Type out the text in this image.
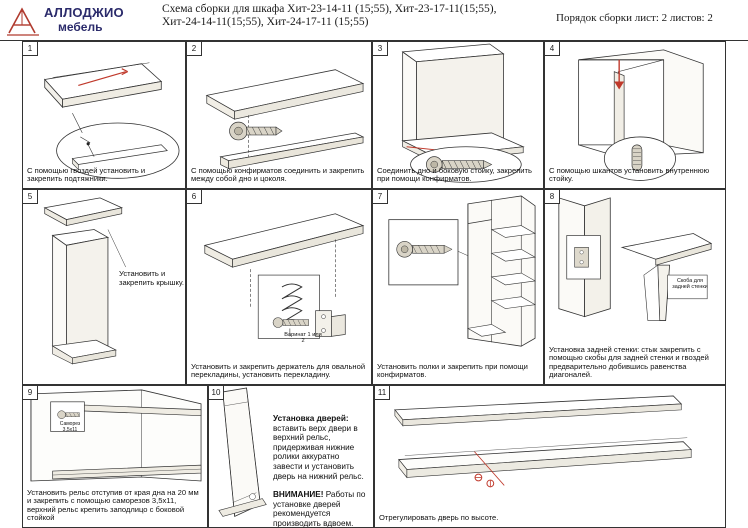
АЛЛОДЖИО
мебель
Схема сборки для шкафа Хит-23-14-11 (15;55), Хит-23-17-11(15;55),
Хит-24-14-11(15;55), Хит-24-17-11 (15;55)	Порядок сборки лист: 2 листов: 2
1
С помощью гвоздей установить и закрепить подтяжники.
2
С помощью конфирматов соединить и закрепить между собой дно и цоколя.
3
Соединить дно и боковую стойку, закрепить при помощи конфирматов.
4
С помощью шкантов установить внутреннюю стойку.
5
Установить и закрепить крышку.
6
Варинат 1 или 2
Установить и закрепить держатель для овальной перекладины, установить перекладину.
7
Установить полки и закрепить при помощи конфирматов.
8
Скоба для задней стенки
Установка задней стенки: стык закрепить с помощью скобы для задней стенки и гвоздей предварительно добившись равенства диагоналей.
9
Саморез 3,5х11
Установить рельс отступив от края дна на 20 мм и закрепить с помощью саморезов 3,5х11, верхний рельс крепить заподлицо с боковой стойкой
10
Установка дверей: вставить верх двери в верхний рельс, придерживая нижние ролики аккуратно завести и установить дверь на нижний рельс.
ВНИМАНИЕ! Работы по установке дверей рекомендуется производить вдвоем.
11
Отрегулировать дверь по высоте.
